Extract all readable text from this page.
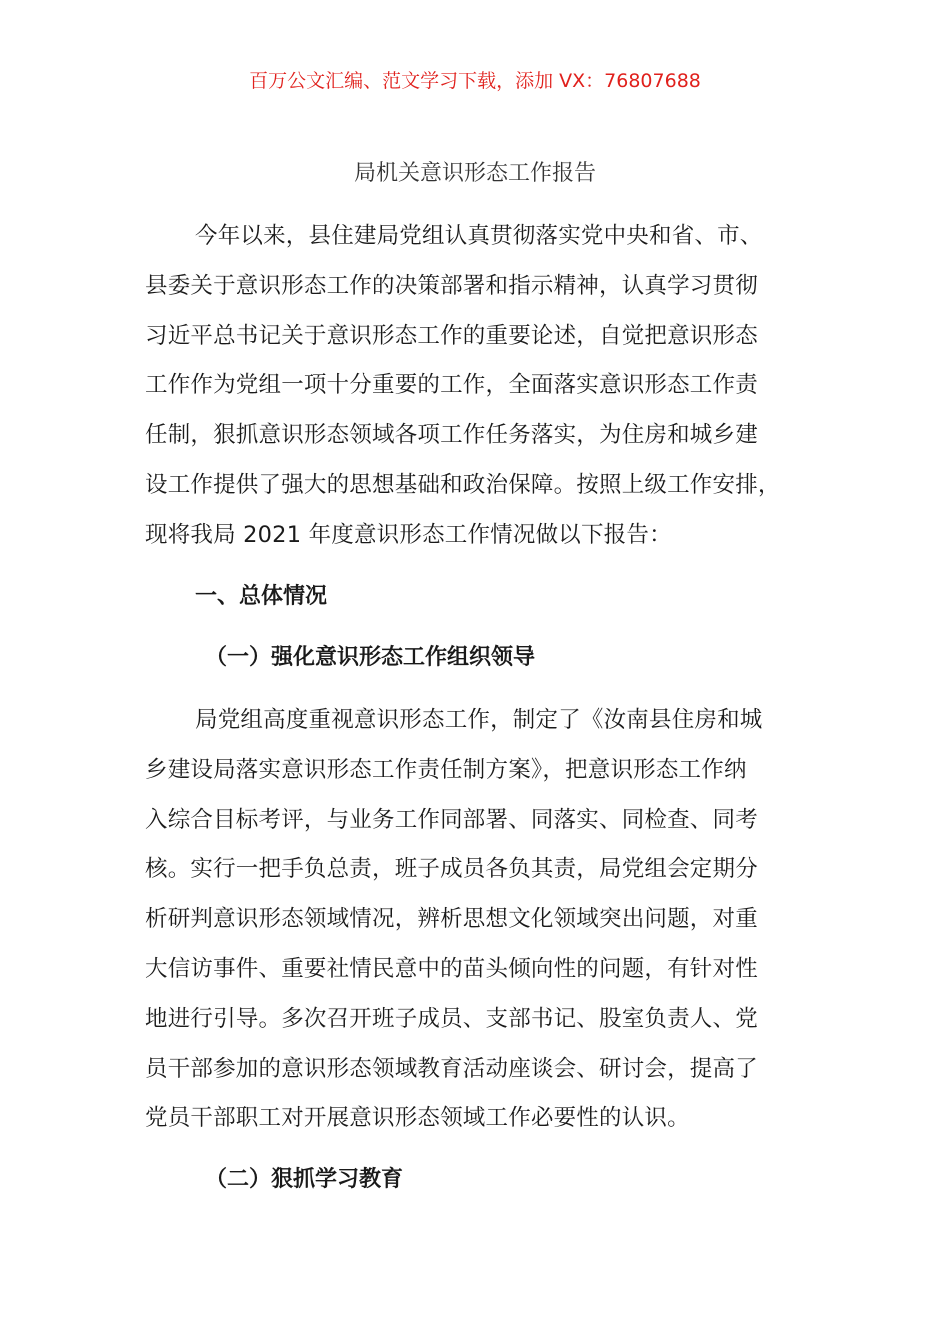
百万公文汇编、范文学习下载，添加 VX：76807688
局机关意识形态工作报告
今年以来，县住建局党组认真贯彻落实党中央和省、市、
县委关于意识形态工作的决策部署和指示精神，认真学习贯彻
习近平总书记关于意识形态工作的重要论述，自觉把意识形态
工作作为党组一项十分重要的工作，全面落实意识形态工作责
任制，狠抓意识形态领域各项工作任务落实，为住房和城乡建
设工作提供了强大的思想基础和政治保障。按照上级工作安排，
现将我局 2021 年度意识形态工作情况做以下报告：
一、总体情况
（一）强化意识形态工作组织领导
局党组高度重视意识形态工作，制定了《汝南县住房和城
乡建设局落实意识形态工作责任制方案》，把意识形态工作纳
入综合目标考评，与业务工作同部署、同落实、同检查、同考
核。实行一把手负总责，班子成员各负其责，局党组会定期分
析研判意识形态领域情况，辨析思想文化领域突出问题，对重
大信访事件、重要社情民意中的苗头倾向性的问题，有针对性
地进行引导。多次召开班子成员、支部书记、股室负责人、党
员干部参加的意识形态领域教育活动座谈会、研讨会，提高了
党员干部职工对开展意识形态领域工作必要性的认识。
（二）狠抓学习教育
